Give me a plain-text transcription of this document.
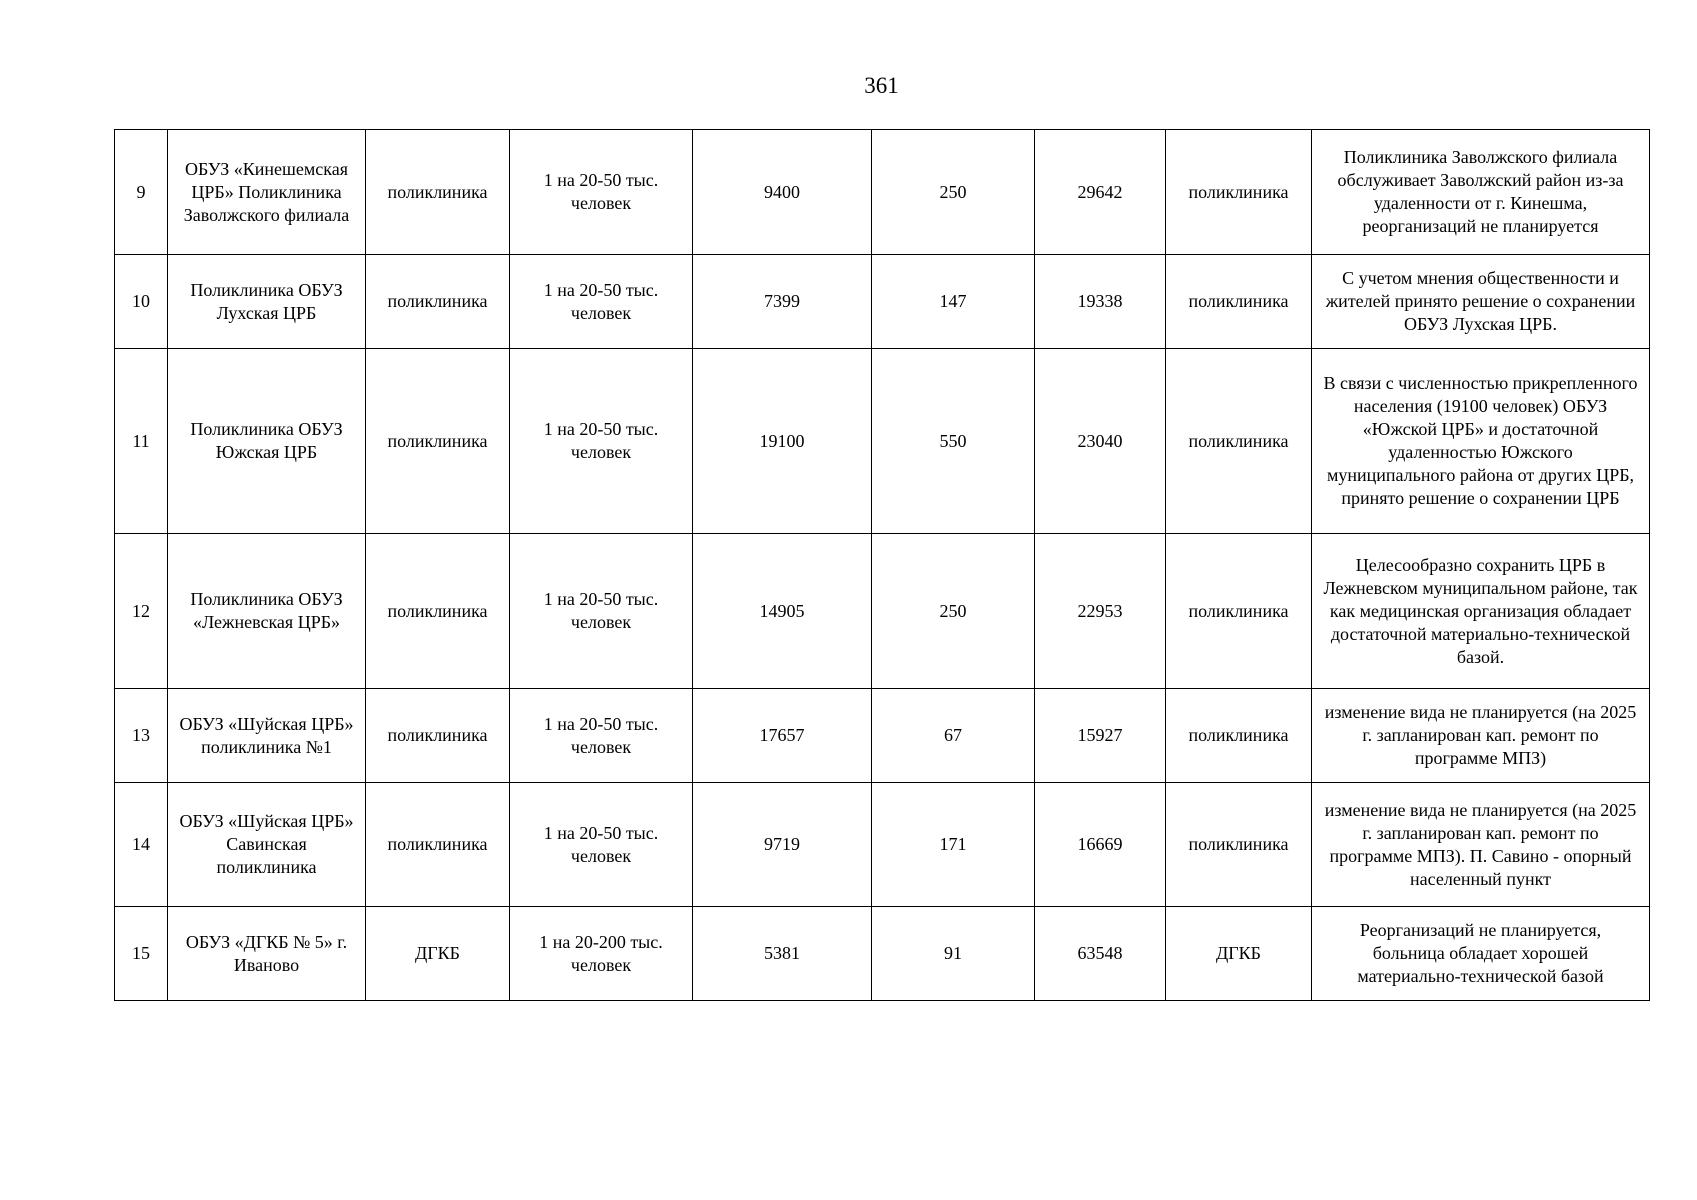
361
9	ОБУЗ «Кинешемская ЦРБ» Поликлиника Заволжского филиала	поликлиника	1 на 20-50 тыс. человек	9400	250	29642	поликлиника	Поликлиника Заволжского филиала обслуживает Заволжский район из-за удаленности от г. Кинешма, реорганизаций не планируется
10	Поликлиника ОБУЗ Лухская ЦРБ	поликлиника	1 на 20-50 тыс. человек	7399	147	19338	поликлиника	С учетом мнения общественности и жителей принято решение о сохранении ОБУЗ Лухская ЦРБ.
11	Поликлиника ОБУЗ Южская ЦРБ	поликлиника	1 на 20-50 тыс. человек	19100	550	23040	поликлиника	В связи с численностью прикрепленного населения (19100 человек) ОБУЗ «Южской ЦРБ» и достаточной удаленностью Южского муниципального района от других ЦРБ, принято решение о сохранении ЦРБ
12	Поликлиника ОБУЗ «Лежневская ЦРБ»	поликлиника	1 на 20-50 тыс. человек	14905	250	22953	поликлиника	Целесообразно сохранить ЦРБ в Лежневском муниципальном районе, так как медицинская организация обладает достаточной материально-технической базой.
13	ОБУЗ «Шуйская ЦРБ» поликлиника №1	поликлиника	1 на 20-50 тыс. человек	17657	67	15927	поликлиника	изменение вида не планируется (на 2025 г. запланирован кап. ремонт по программе МПЗ)
14	ОБУЗ «Шуйская ЦРБ» Савинская поликлиника	поликлиника	1 на 20-50 тыс. человек	9719	171	16669	поликлиника	изменение вида не планируется (на 2025 г. запланирован кап. ремонт по программе МПЗ). П. Савино - опорный населенный пункт
15	ОБУЗ «ДГКБ № 5» г. Иваново	ДГКБ	1 на 20-200 тыс. человек	5381	91	63548	ДГКБ	Реорганизаций не планируется, больница обладает хорошей материально-технической базой
